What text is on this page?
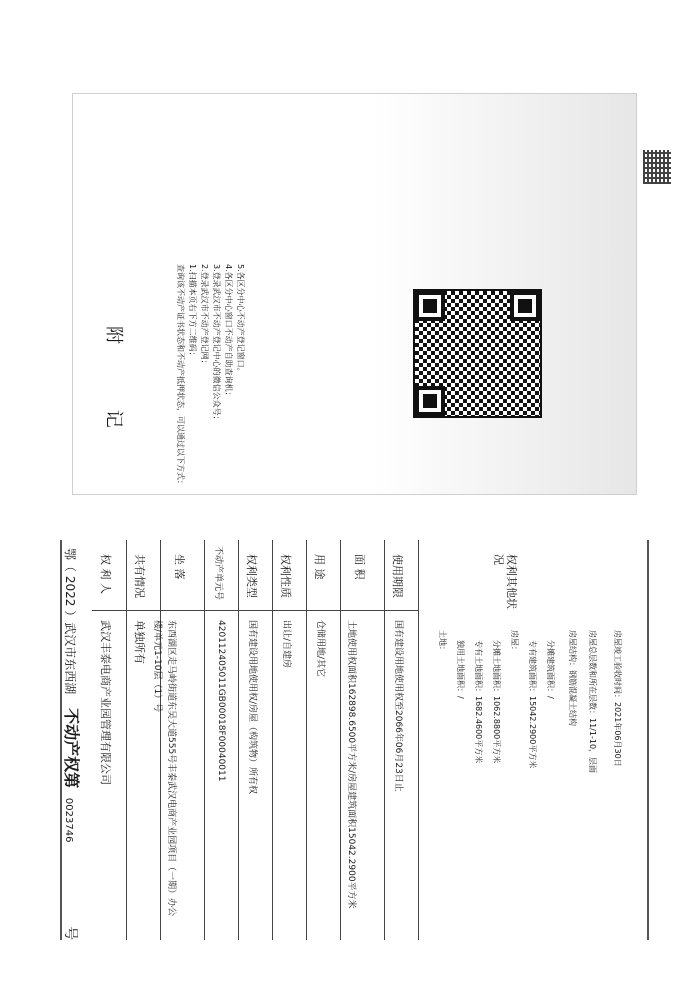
附 记	查询该不动产证书状态和不动产抵押状态，可以通过以下方式： 1.扫描本页右下方二维码； 2.登录武汉市不动产登记网； 3.登录武汉市不动产登记中心的微信公众号； 4.各区分中心窗口不动产自助查询机； 5.各区分中心不动产登记窗口。
鄂（ 2022 ）武汉市东西湖 不动产权第 0023746 号
权 利 人
武汉丰泰电商产业园管理有限公司
共有情况
单独所有
坐 落
东西湖区走马岭街道东吴大道555号丰泰武汉电商产业园项目（一期）办公楼/单元1-10层（1）号
不动产单元号
420112405011GB00018F00040011
权利类型
国有建设用地使用权/房屋（构筑物）所有权
权利性质
出让/自建房
用 途
仓储用地/其它
面 积
土地使用权面积162898.6500平方米/房屋建筑面积15042.2900平方米
使用期限
国有建设用地使用权至2066年06月23日止
权利其他状况
土地： 独用土地面积：/ 专有土地面积：1682.4600平方米 分摊土地面积：1062.8800平方米 房屋： 专有建筑面积：15042.2900平方米 分摊建筑面积：/ 房屋结构：钢筋混凝土结构 房屋总层数和所在层数：11/1-10，层面 房屋竣工验收时间：2021年06月30日
